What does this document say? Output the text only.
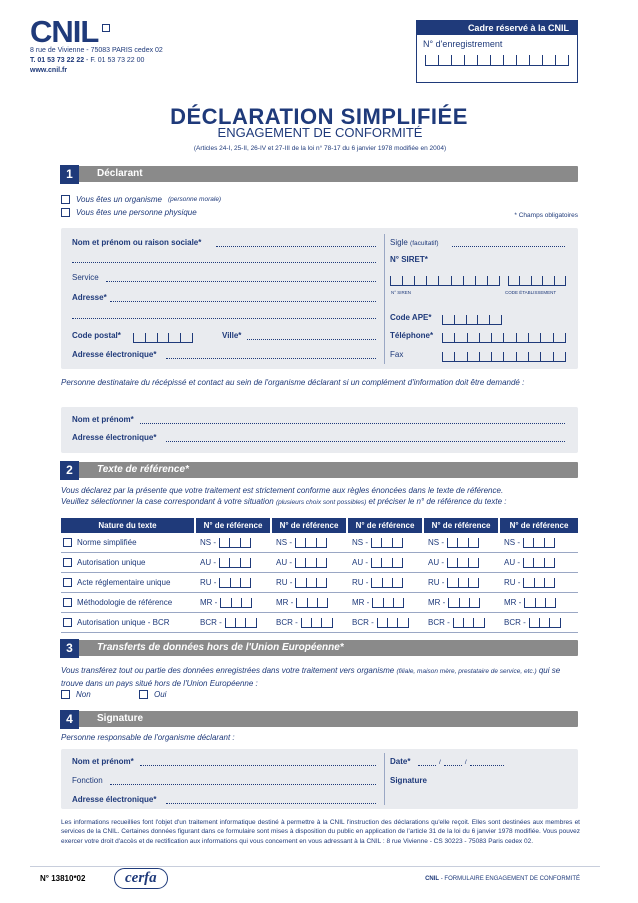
CNIL
8 rue de Vivienne - 75083 PARIS cedex 02
T. 01 53 73 22 22 - F. 01 53 73 22 00
www.cnil.fr
Cadre réservé à la CNIL
N° d'enregistrement
DÉCLARATION SIMPLIFIÉE
ENGAGEMENT DE CONFORMITÉ
(Articles 24-I, 25-II, 26-IV et 27-III de la loi n° 78-17 du 6 janvier 1978 modifiée en 2004)
Déclarant
1
Vous êtes un organisme (personne morale)
Vous êtes une personne physique	* Champs obligatoires
Nom et prénom ou raison sociale*
Service
Adresse*
Code postal*	Ville*
Adresse électronique*
Sigle (facultatif)
N° SIRET*
N° SIREN	CODE ÉTABLISSEMENT
Code APE*
Téléphone*
Fax
Personne destinataire du récépissé et contact au sein de l'organisme déclarant si un complément d'information doit être demandé :
Nom et prénom*
Adresse électronique*
Texte de référence*
2
Vous déclarez par la présente que votre traitement est strictement conforme aux règles énoncées dans le texte de référence.
Veuillez sélectionner la case correspondant à votre situation (plusieurs choix sont possibles) et préciser le n° de référence du texte :
Nature du texte	N° de référence	N° de référence	N° de référence	N° de référence	N° de référence
Norme simplifiée	NS -	NS -	NS -	NS -	NS -
Autorisation unique	AU -	AU -	AU -	AU -	AU -
Acte réglementaire unique	RU -	RU -	RU -	RU -	RU -
Méthodologie de référence	MR -	MR -	MR -	MR -	MR -
Autorisation unique - BCR	BCR -	BCR -	BCR -	BCR -	BCR -
Transferts de données hors de l'Union Européenne*
3
Vous transférez tout ou partie des données enregistrées dans votre traitement vers organisme (filiale, maison mère, prestataire de service, etc.) qui se trouve dans un pays situé hors de l'Union Européenne :
Non	Oui
Signature
4
Personne responsable de l'organisme déclarant :
Nom et prénom*
Fonction
Adresse électronique*
Date*	/	/
Signature
Les informations recueillies font l'objet d'un traitement informatique destiné à permettre à la CNIL l'instruction des déclarations qu'elle reçoit. Elles sont destinées aux membres et services de la CNIL. Certaines données figurant dans ce formulaire sont mises à disposition du public en application de l'article 31 de la loi du 6 janvier 1978 modifiée. Vous pouvez exercer votre droit d'accès et de rectification aux informations qui vous concernent en vous adressant à la CNIL : 8 rue Vivienne - CS 30223 - 75083 Paris cedex 02.
N° 13810*02	cerfa	CNIL - FORMULAIRE ENGAGEMENT DE CONFORMITÉ
